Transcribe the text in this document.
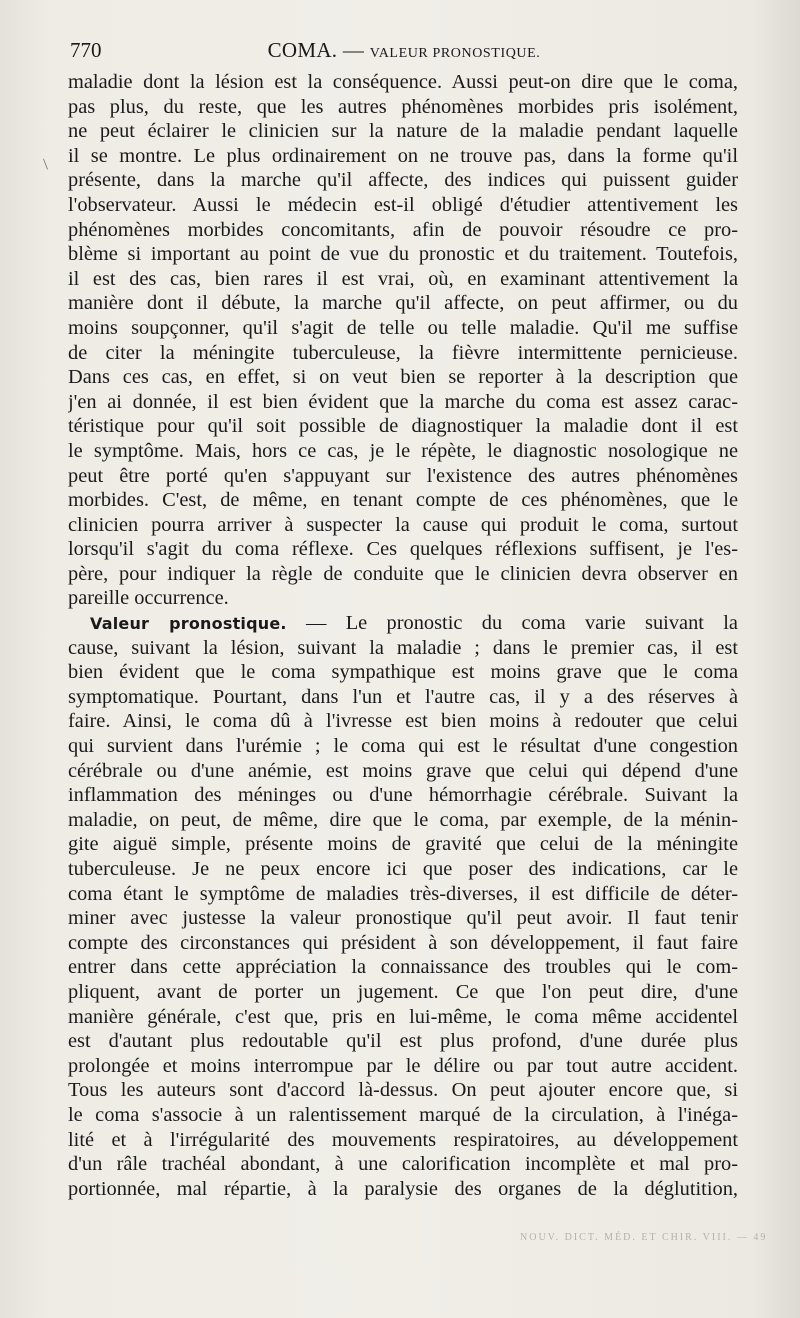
770	COMA. — VALEUR PRONOSTIQUE.
/
maladie dont la lésion est la conséquence. Aussi peut-on dire que le coma,
pas plus, du reste, que les autres phénomènes morbides pris isolément,
ne peut éclairer le clinicien sur la nature de la maladie pendant laquelle
il se montre. Le plus ordinairement on ne trouve pas, dans la forme qu'il
présente, dans la marche qu'il affecte, des indices qui puissent guider
l'observateur. Aussi le médecin est-il obligé d'étudier attentivement les
phénomènes morbides concomitants, afin de pouvoir résoudre ce pro-
blème si important au point de vue du pronostic et du traitement. Toutefois,
il est des cas, bien rares il est vrai, où, en examinant attentivement la
manière dont il débute, la marche qu'il affecte, on peut affirmer, ou du
moins soupçonner, qu'il s'agit de telle ou telle maladie. Qu'il me suffise
de citer la méningite tuberculeuse, la fièvre intermittente pernicieuse.
Dans ces cas, en effet, si on veut bien se reporter à la description que
j'en ai donnée, il est bien évident que la marche du coma est assez carac-
téristique pour qu'il soit possible de diagnostiquer la maladie dont il est
le symptôme. Mais, hors ce cas, je le répète, le diagnostic nosologique ne
peut être porté qu'en s'appuyant sur l'existence des autres phénomènes
morbides. C'est, de même, en tenant compte de ces phénomènes, que le
clinicien pourra arriver à suspecter la cause qui produit le coma, surtout
lorsqu'il s'agit du coma réflexe. Ces quelques réflexions suffisent, je l'es-
père, pour indiquer la règle de conduite que le clinicien devra observer en
pareille occurrence.
Valeur pronostique. — Le pronostic du coma varie suivant la
cause, suivant la lésion, suivant la maladie ; dans le premier cas, il est
bien évident que le coma sympathique est moins grave que le coma
symptomatique. Pourtant, dans l'un et l'autre cas, il y a des réserves à
faire. Ainsi, le coma dû à l'ivresse est bien moins à redouter que celui
qui survient dans l'urémie ; le coma qui est le résultat d'une congestion
cérébrale ou d'une anémie, est moins grave que celui qui dépend d'une
inflammation des méninges ou d'une hémorrhagie cérébrale. Suivant la
maladie, on peut, de même, dire que le coma, par exemple, de la ménin-
gite aiguë simple, présente moins de gravité que celui de la méningite
tuberculeuse. Je ne peux encore ici que poser des indications, car le
coma étant le symptôme de maladies très-diverses, il est difficile de déter-
miner avec justesse la valeur pronostique qu'il peut avoir. Il faut tenir
compte des circonstances qui président à son développement, il faut faire
entrer dans cette appréciation la connaissance des troubles qui le com-
pliquent, avant de porter un jugement. Ce que l'on peut dire, d'une
manière générale, c'est que, pris en lui-même, le coma même accidentel
est d'autant plus redoutable qu'il est plus profond, d'une durée plus
prolongée et moins interrompue par le délire ou par tout autre accident.
Tous les auteurs sont d'accord là-dessus. On peut ajouter encore que, si
le coma s'associe à un ralentissement marqué de la circulation, à l'inéga-
lité et à l'irrégularité des mouvements respiratoires, au développement
d'un râle trachéal abondant, à une calorification incomplète et mal pro-
portionnée, mal répartie, à la paralysie des organes de la déglutition,
NOUV. DICT. MÉD. ET CHIR. VIII. — 49
